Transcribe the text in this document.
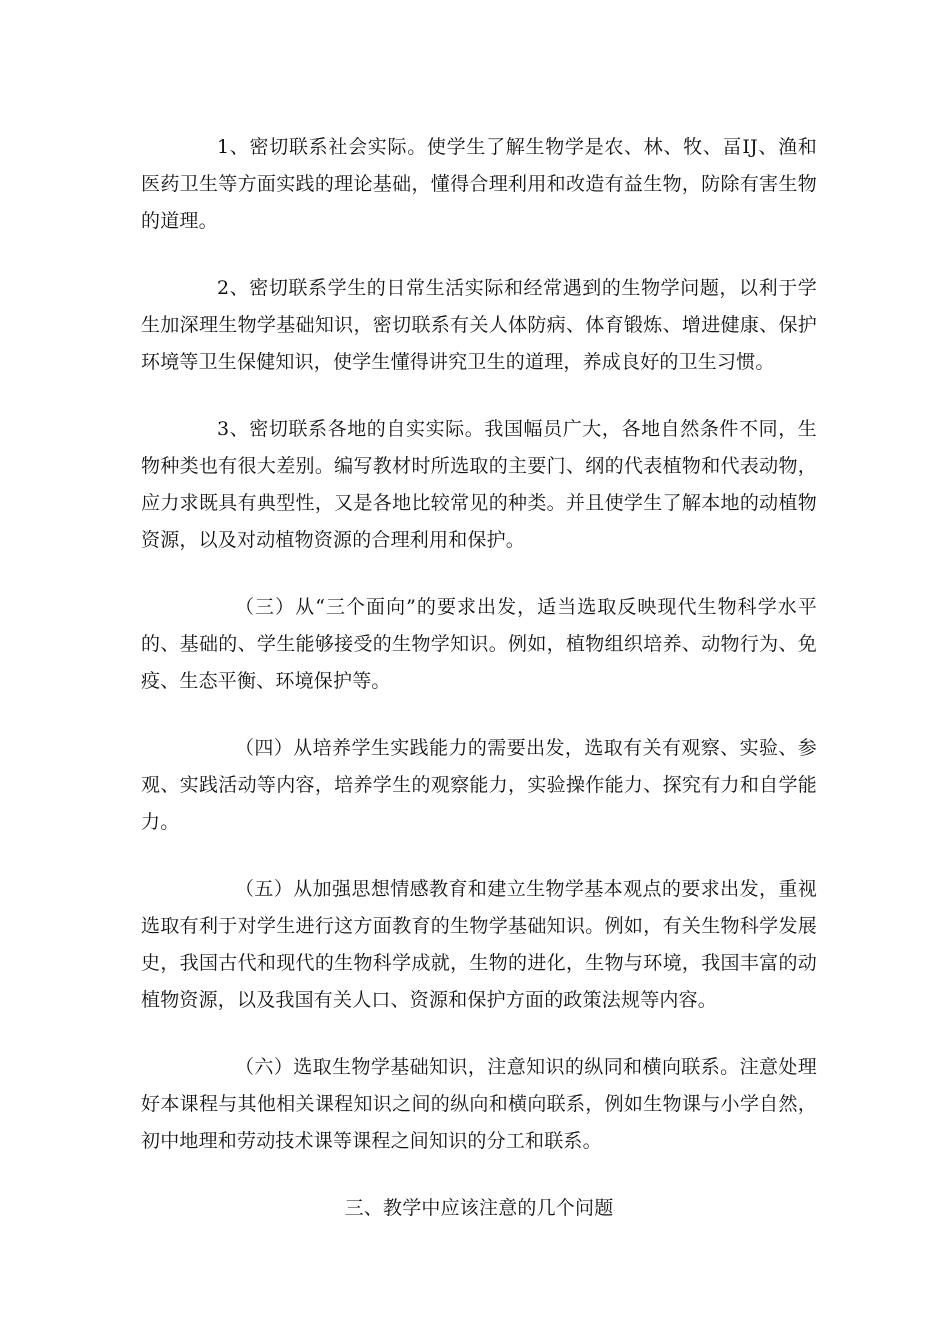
1、密切联系社会实际。使学生了解生物学是农、林、牧、畐IJ、渔和医药卫生等方面实践的理论基础，懂得合理利用和改造有益生物，防除有害生物的道理。

2、密切联系学生的日常生活实际和经常遇到的生物学问题，以利于学生加深理生物学基础知识，密切联系有关人体防病、体育锻炼、增进健康、保护环境等卫生保健知识，使学生懂得讲究卫生的道理，养成良好的卫生习惯。

3、密切联系各地的自实实际。我国幅员广大，各地自然条件不同，生物种类也有很大差别。编写教材时所选取的主要门、纲的代表植物和代表动物，应力求既具有典型性，又是各地比较常见的种类。并且使学生了解本地的动植物资源，以及对动植物资源的合理利用和保护。

（三）从“三个面向”的要求出发，适当选取反映现代生物科学水平的、基础的、学生能够接受的生物学知识。例如，植物组织培养、动物行为、免疫、生态平衡、环境保护等。

（四）从培养学生实践能力的需要出发，选取有关有观察、实验、参观、实践活动等内容，培养学生的观察能力，实验操作能力、探究有力和自学能力。

（五）从加强思想情感教育和建立生物学基本观点的要求出发，重视选取有利于对学生进行这方面教育的生物学基础知识。例如，有关生物科学发展史，我国古代和现代的生物科学成就，生物的进化，生物与环境，我国丰富的动植物资源，以及我国有关人口、资源和保护方面的政策法规等内容。

（六）选取生物学基础知识，注意知识的纵同和横向联系。注意处理好本课程与其他相关课程知识之间的纵向和横向联系，例如生物课与小学自然，初中地理和劳动技术课等课程之间知识的分工和联系。

三、教学中应该注意的几个问题
